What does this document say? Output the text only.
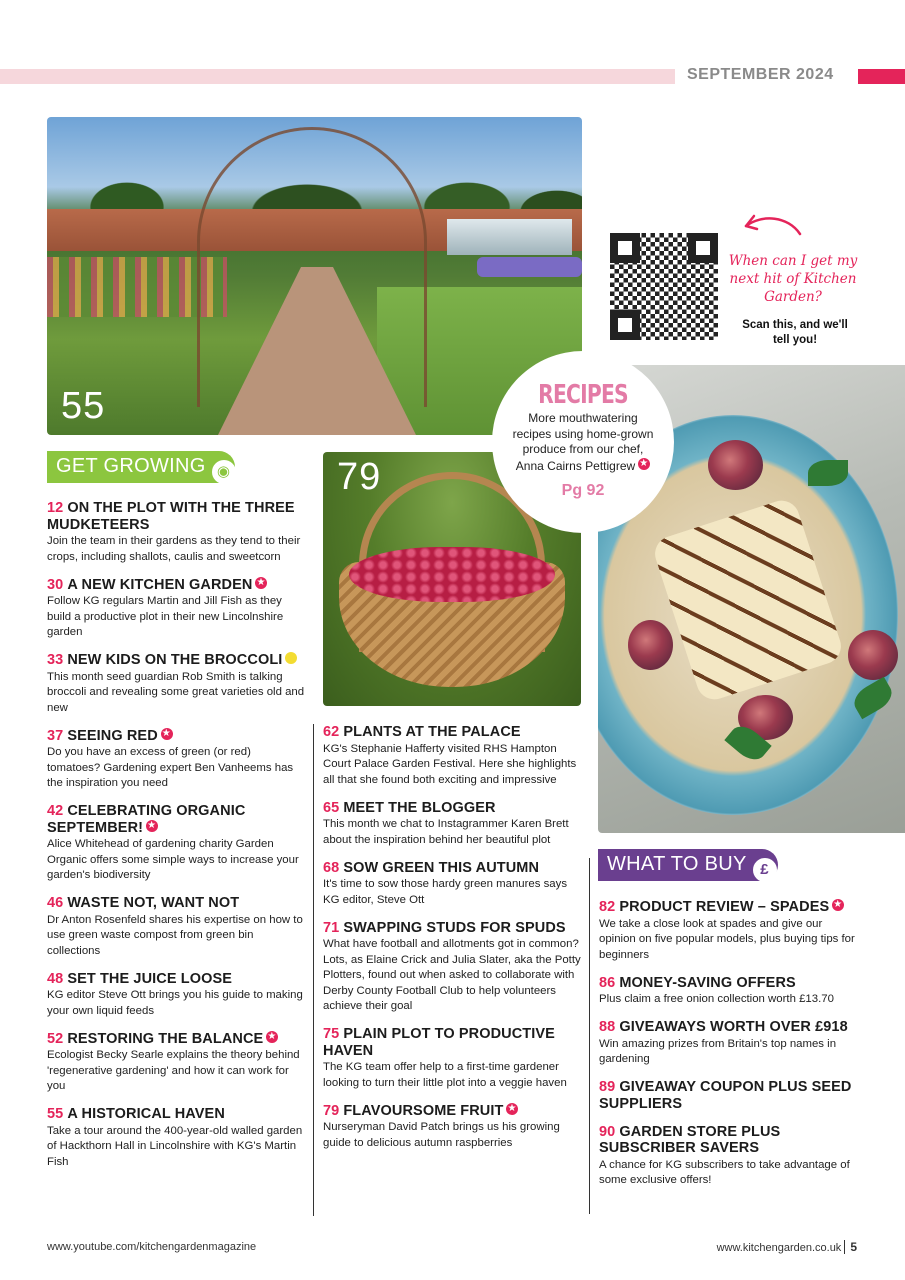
SEPTEMBER 2024
55
When can I get my next hit of Kitchen Garden?
Scan this, and we'll tell you!
79
RECIPES
More mouthwatering recipes using home-grown produce from our chef, Anna Cairns Pettigrew★
Pg 92
GET GROWING ◉
WHAT TO BUY £
12 ON THE PLOT WITH THE THREE MUDKETEERS
Join the team in their gardens as they tend to their crops, including shallots, caulis and sweetcorn
30 A NEW KITCHEN GARDEN★
Follow KG regulars Martin and Jill Fish as they build a productive plot in their new Lincolnshire garden
33 NEW KIDS ON THE BROCCOLI
This month seed guardian Rob Smith is talking broccoli and revealing some great varieties old and new
37 SEEING RED★
Do you have an excess of green (or red) tomatoes? Gardening expert Ben Vanheems has the inspiration you need
42 CELEBRATING ORGANIC SEPTEMBER!★
Alice Whitehead of gardening charity Garden Organic offers some simple ways to increase your garden's biodiversity
46 WASTE NOT, WANT NOT
Dr Anton Rosenfeld shares his expertise on how to use green waste compost from green bin collections
48 SET THE JUICE LOOSE
KG editor Steve Ott brings you his guide to making your own liquid feeds
52 RESTORING THE BALANCE★
Ecologist Becky Searle explains the theory behind 'regenerative gardening' and how it can work for you
55 A HISTORICAL HAVEN
Take a tour around the 400-year-old walled garden of Hackthorn Hall in Lincolnshire with KG's Martin Fish
62 PLANTS AT THE PALACE
KG's Stephanie Hafferty visited RHS Hampton Court Palace Garden Festival. Here she highlights all that she found both exciting and impressive
65 MEET THE BLOGGER
This month we chat to Instagrammer Karen Brett about the inspiration behind her beautiful plot
68 SOW GREEN THIS AUTUMN
It's time to sow those hardy green manures says KG editor, Steve Ott
71 SWAPPING STUDS FOR SPUDS
What have football and allotments got in common? Lots, as Elaine Crick and Julia Slater, aka the Potty Plotters, found out when asked to collaborate with Derby County Football Club to help volunteers achieve their goal
75 PLAIN PLOT TO PRODUCTIVE HAVEN
The KG team offer help to a first-time gardener looking to turn their little plot into a veggie haven
79 FLAVOURSOME FRUIT★
Nurseryman David Patch brings us his growing guide to delicious autumn raspberries
82 PRODUCT REVIEW – SPADES★
We take a close look at spades and give our opinion on five popular models, plus buying tips for beginners
86 MONEY-SAVING OFFERS
Plus claim a free onion collection worth £13.70
88 GIVEAWAYS WORTH OVER £918
Win amazing prizes from Britain's top names in gardening
89 GIVEAWAY COUPON PLUS SEED SUPPLIERS
90 GARDEN STORE PLUS SUBSCRIBER SAVERS
A chance for KG subscribers to take advantage of some exclusive offers!
www.youtube.com/kitchengardenmagazine	www.kitchengarden.co.uk 5
